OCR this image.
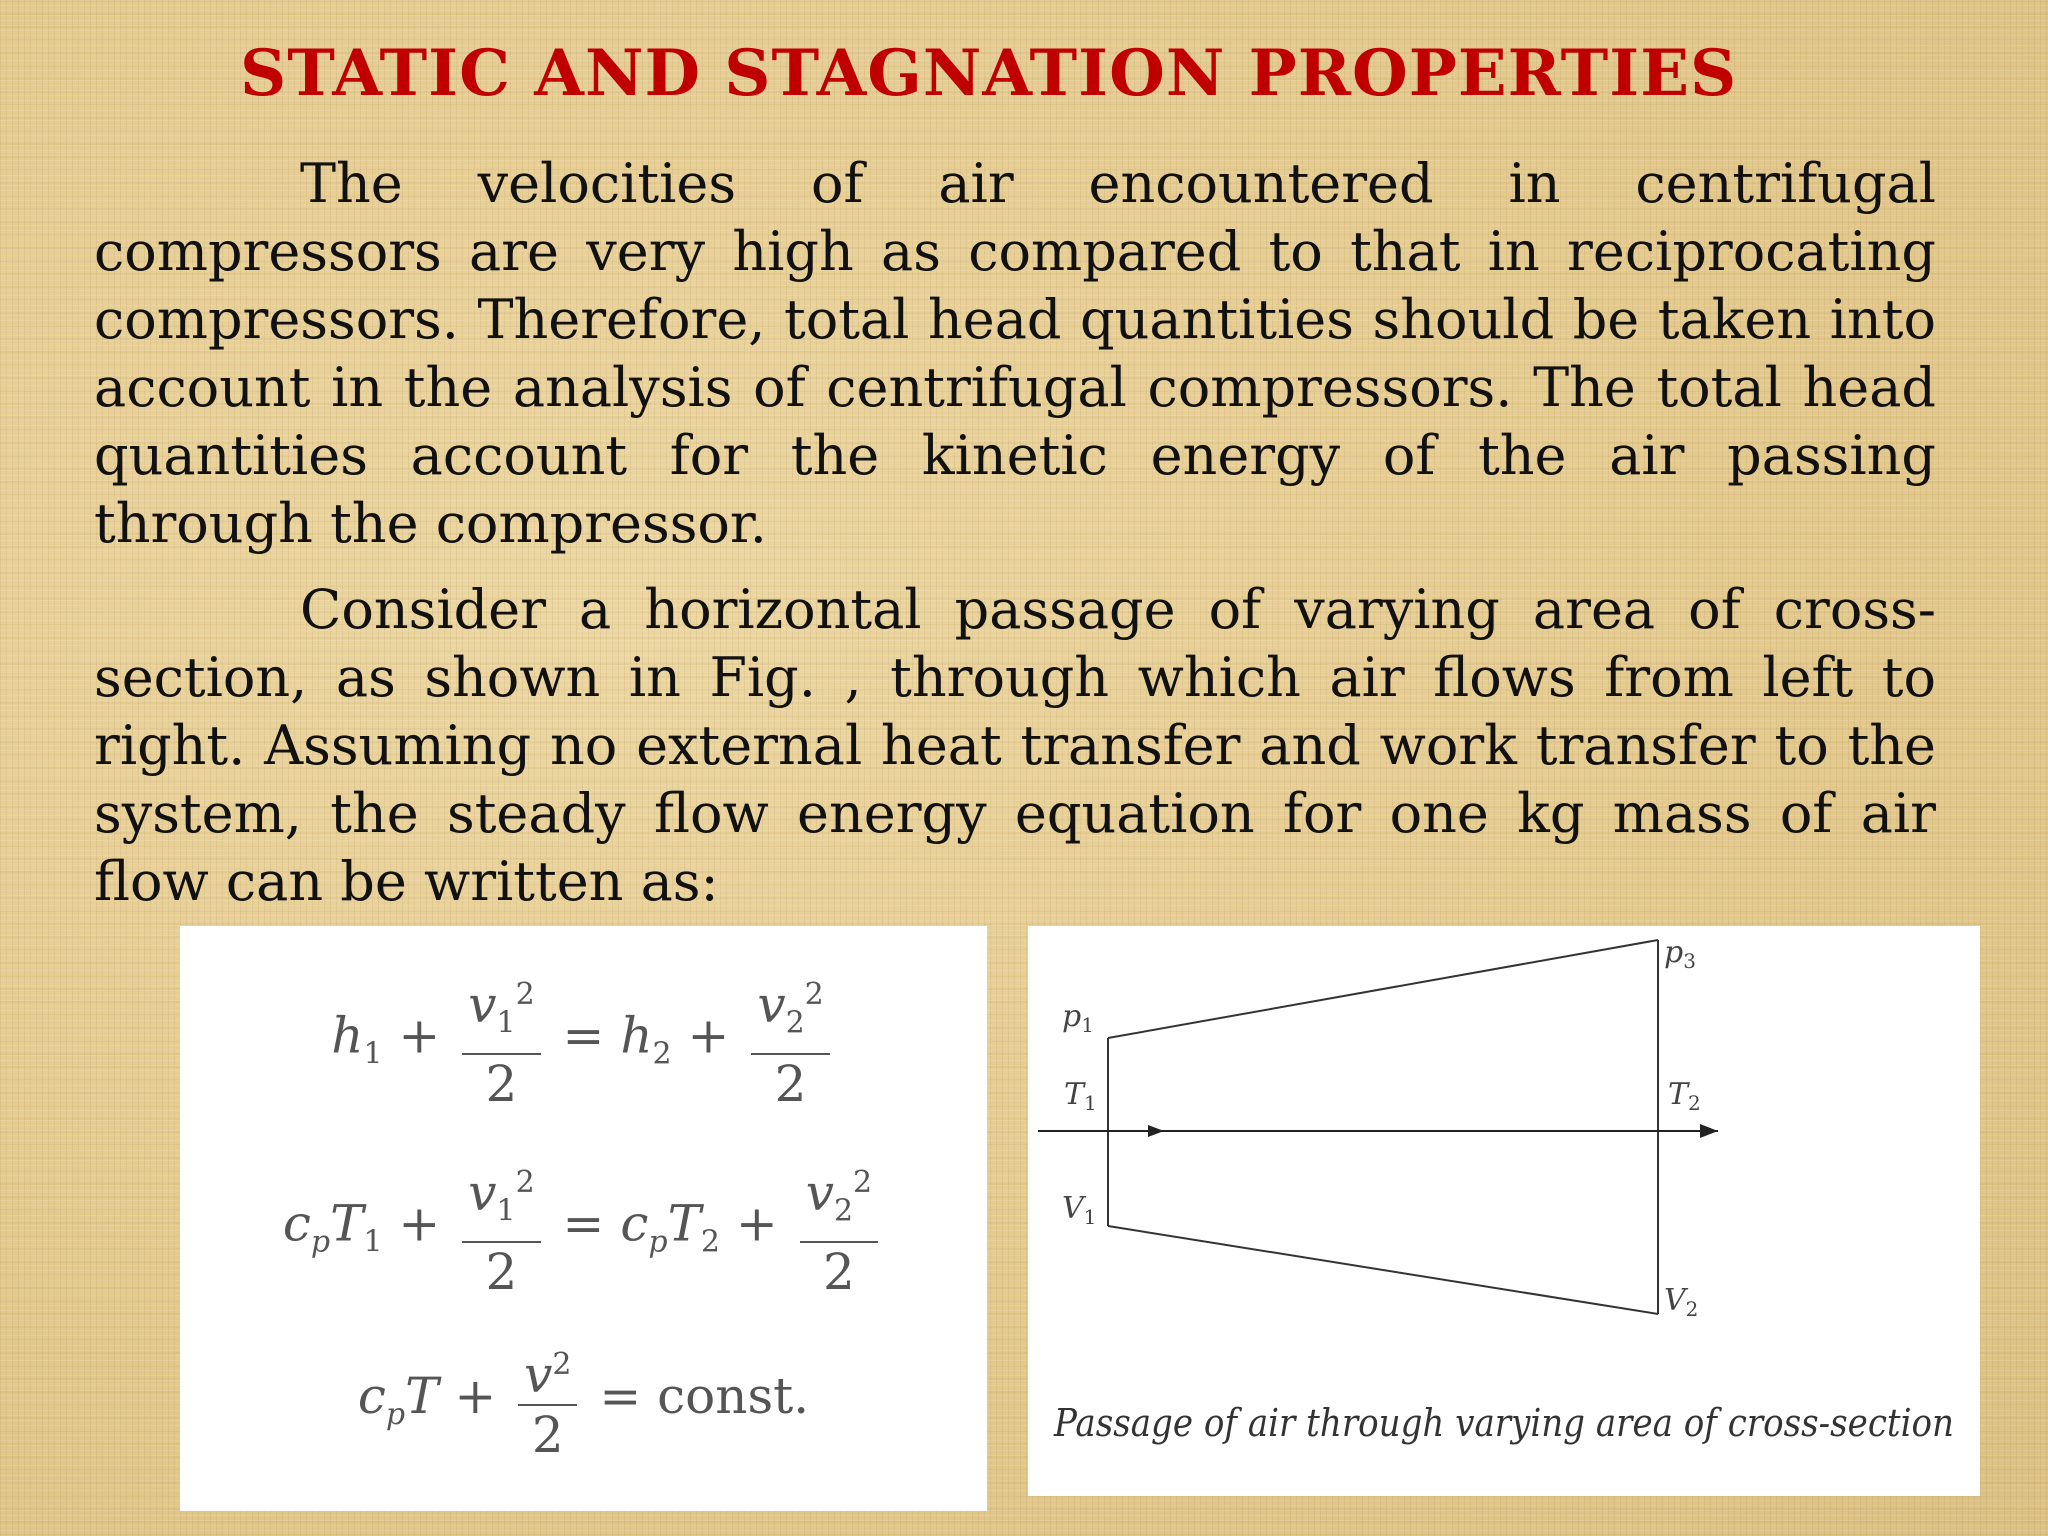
STATIC AND STAGNATION PROPERTIES

The velocities of air encountered in centrifugal compressors are very high as compared to that in reciprocating compressors. Therefore, total head quantities should be taken into account in the analysis of centrifugal compressors. The total head quantities account for the kinetic energy of the air passing through the compressor.

Consider a horizontal passage of varying area of cross-section, as shown in Fig. , through which air flows from left to right. Assuming no external heat transfer and work transfer to the system, the steady flow energy equation for one kg mass of air flow can be written as:

$h_1 + \frac{v_1^2}{2} = h_2 + \frac{v_2^2}{2}$
$c_pT_1 + \frac{v_1^2}{2} = c_pT_2 + \frac{v_2^2}{2}$
$c_pT + \frac{v^2}{2}$ = const.
$p_1$
$T_1$
$V_1$
$p_3$
$T_2$
$V_2$
Passage of air through varying area of cross-section
